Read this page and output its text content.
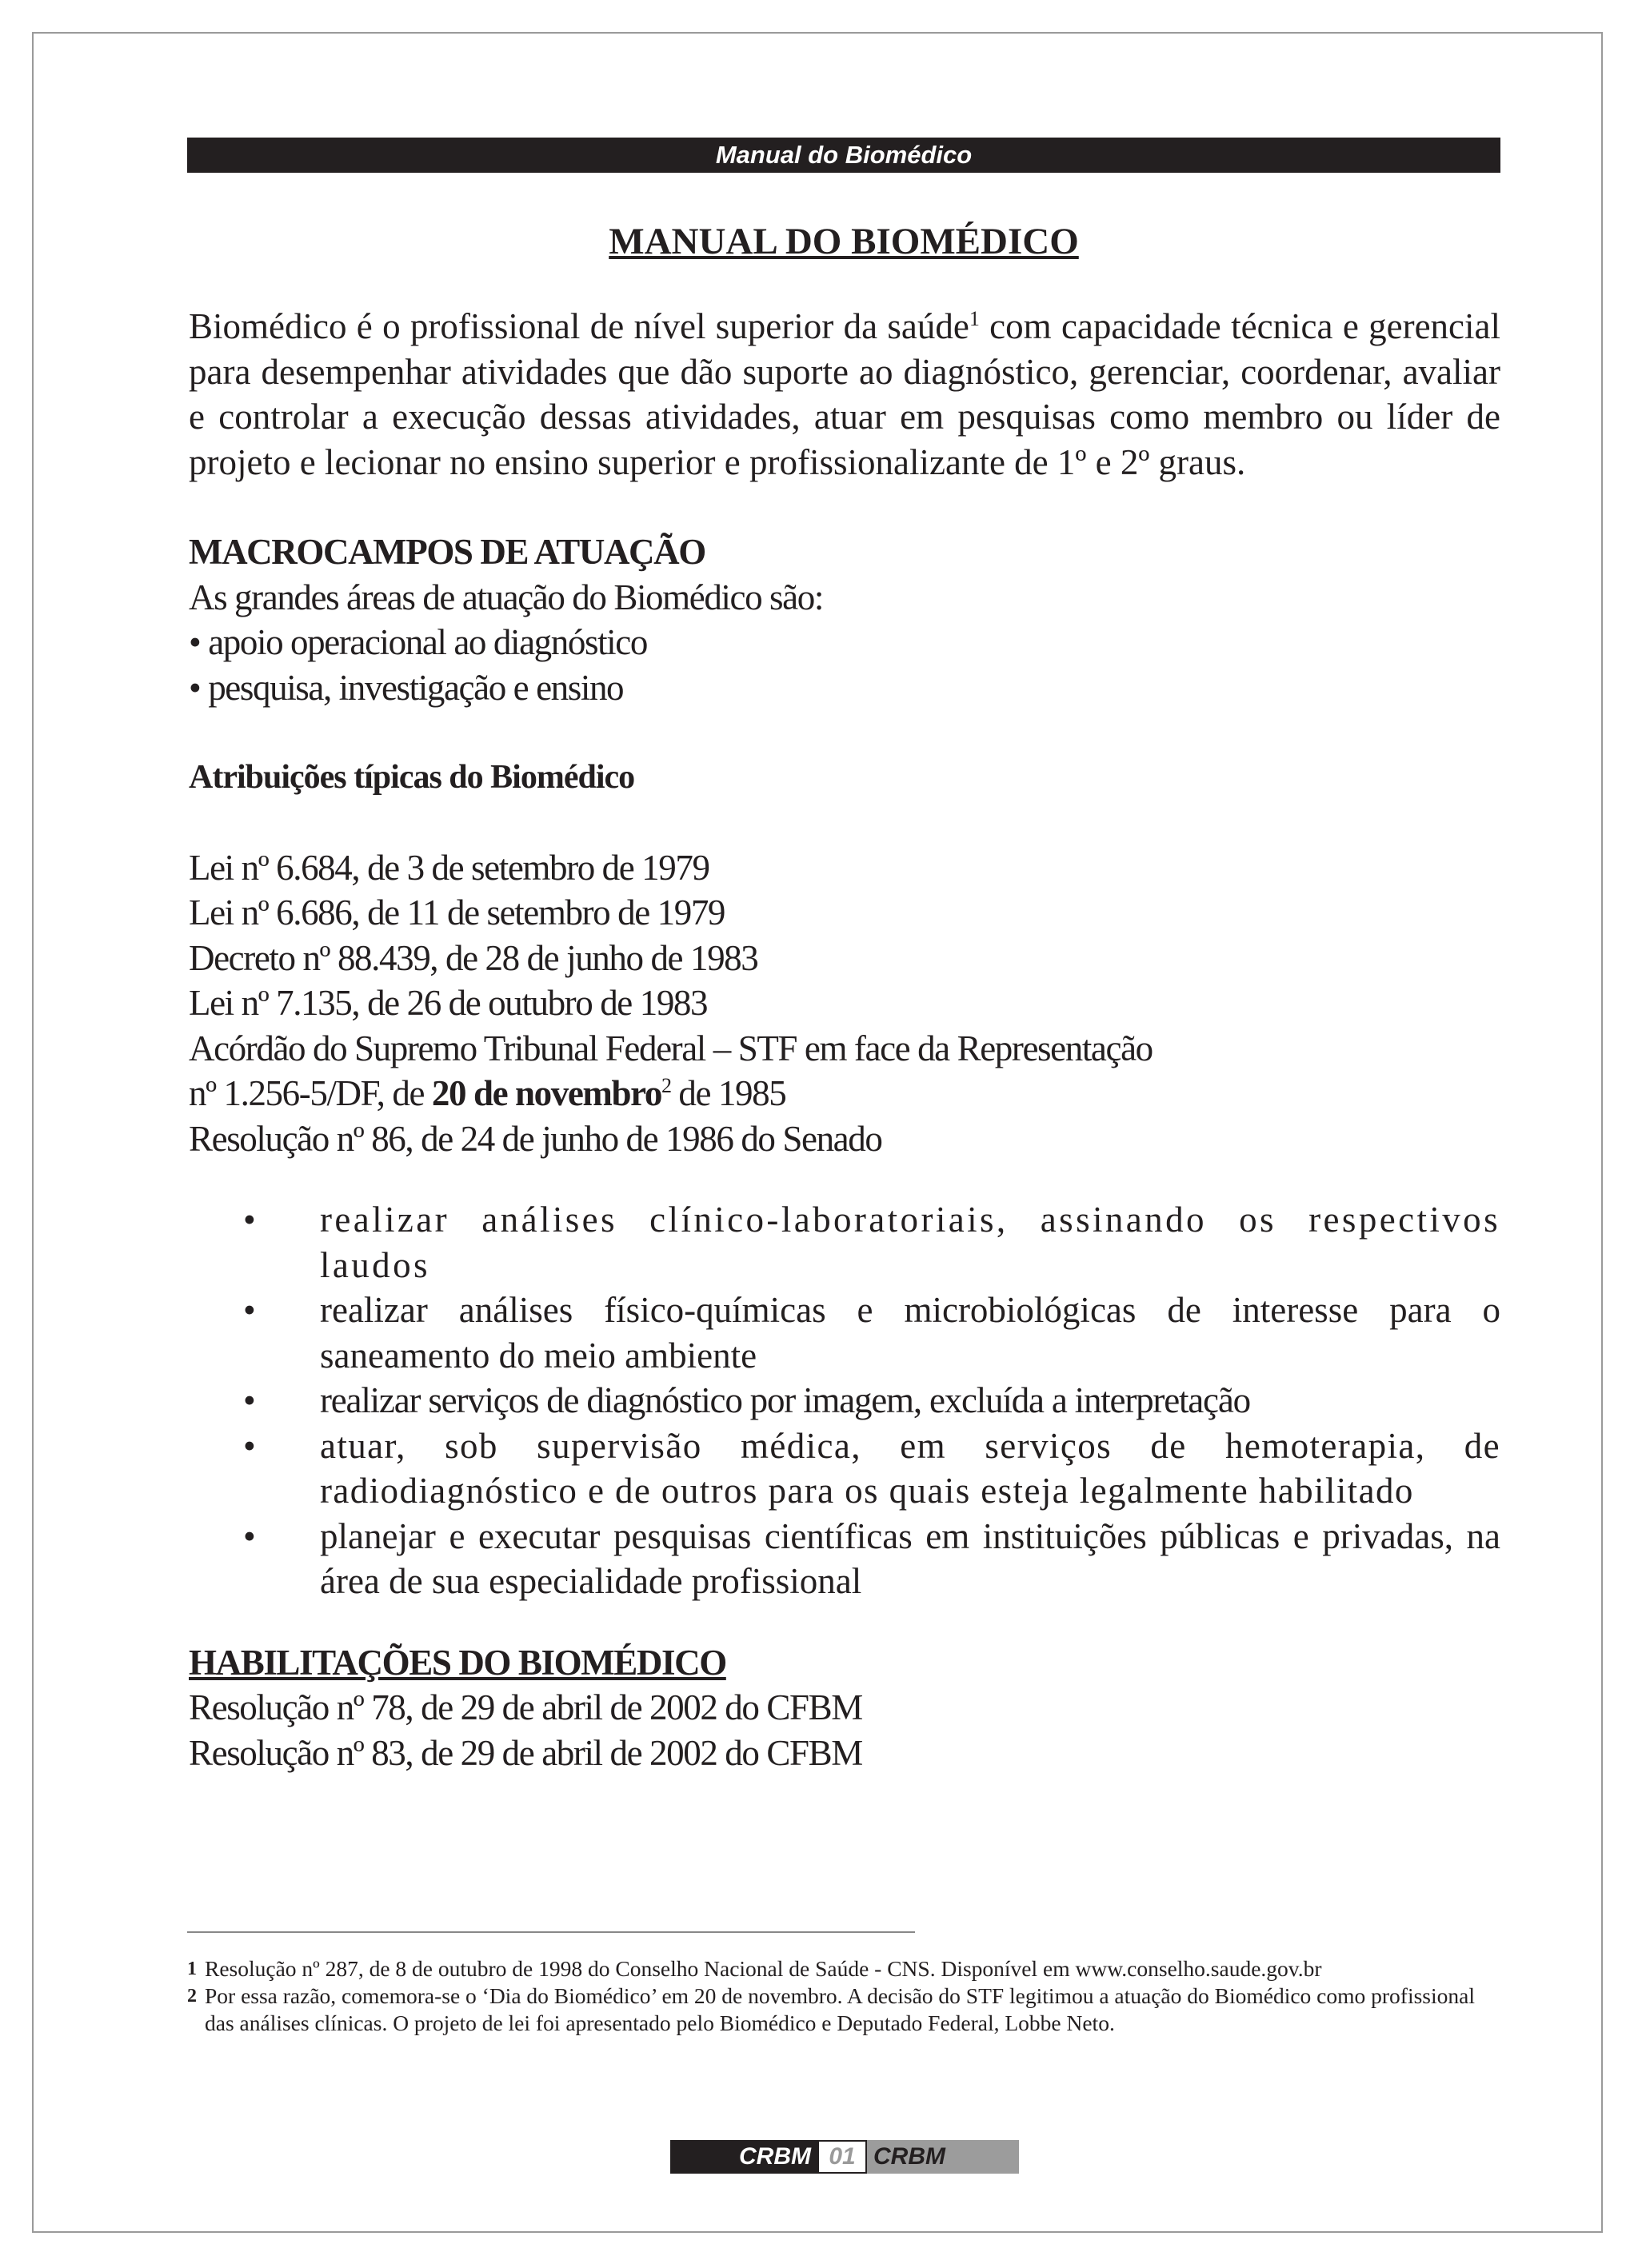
Manual do Biomédico
MANUAL DO BIOMÉDICO

Biomédico é o profissional de nível superior da saúde$^1$ com capacidade técnica e gerencial para desempenhar atividades que dão suporte ao diagnóstico, gerenciar, coordenar, avaliar e controlar a execução dessas atividades, atuar em pesquisas como membro ou líder de projeto e lecionar no ensino superior e profissionalizante de 1º e 2º graus.

MACROCAMPOS DE ATUAÇÃO

As grandes áreas de atuação do Biomédico são:

• apoio operacional ao diagnóstico

• pesquisa, investigação e ensino

Atribuições típicas do Biomédico

Lei nº 6.684, de 3 de setembro de 1979

Lei nº 6.686, de 11 de setembro de 1979

Decreto nº 88.439, de 28 de junho de 1983

Lei nº 7.135, de 26 de outubro de 1983

Acórdão do Supremo Tribunal Federal – STF em face da Representação

nº 1.256-5/DF, de 20 de novembro$^2$ de 1985

Resolução nº 86, de 24 de junho de 1986 do Senado

• realizar análises clínico-laboratoriais, assinando os respectivos laudos
• realizar análises físico-químicas e microbiológicas de interesse para o saneamento do meio ambiente
• realizar serviços de diagnóstico por imagem, excluída a interpretação
• atuar, sob supervisão médica, em serviços de hemoterapia, de radiodiagnóstico e de outros para os quais esteja legalmente habilitado
• planejar e executar pesquisas científicas em instituições públicas e privadas, na área de sua especialidade profissional

HABILITAÇÕES DO BIOMÉDICO

Resolução nº 78, de 29 de abril de 2002 do CFBM

Resolução nº 83, de 29 de abril de 2002 do CFBM

1 Resolução nº 287, de 8 de outubro de 1998 do Conselho Nacional de Saúde - CNS. Disponível em www.conselho.saude.gov.br
2 Por essa razão, comemora-se o ‘Dia do Biomédico’ em 20 de novembro. A decisão do STF legitimou a atuação do Biomédico como profissional das análises clínicas. O projeto de lei foi apresentado pelo Biomédico e Deputado Federal, Lobbe Neto.
CRBM 01 CRBM
